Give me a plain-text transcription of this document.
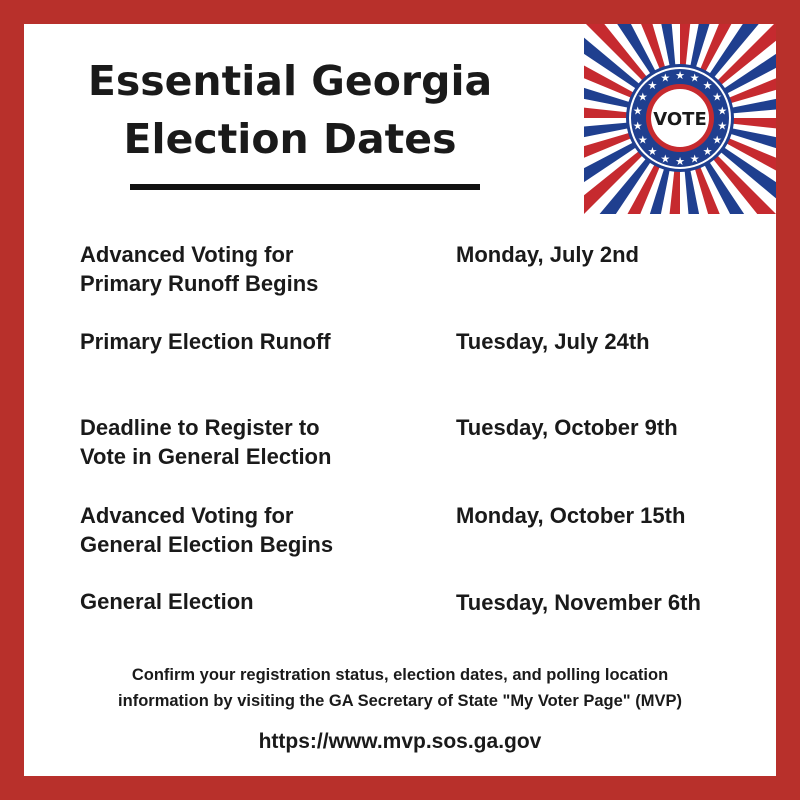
Essential Georgia
Election Dates
★ ★
★
★
★
★
★
★
★
★
★
★
★
★
★
★
★
★
VOTE
Advanced Voting for
Primary Runoff Begins
Monday, July 2nd
Primary Election Runoff	Tuesday, July 24th
Deadline to Register to
Vote in General Election
Tuesday, October 9th
Advanced Voting for
General Election Begins
Monday, October 15th
General Election	Tuesday, November 6th
Confirm your registration status, election dates, and polling location
information by visiting the GA Secretary of State "My Voter Page" (MVP)
https://www.mvp.sos.ga.gov
